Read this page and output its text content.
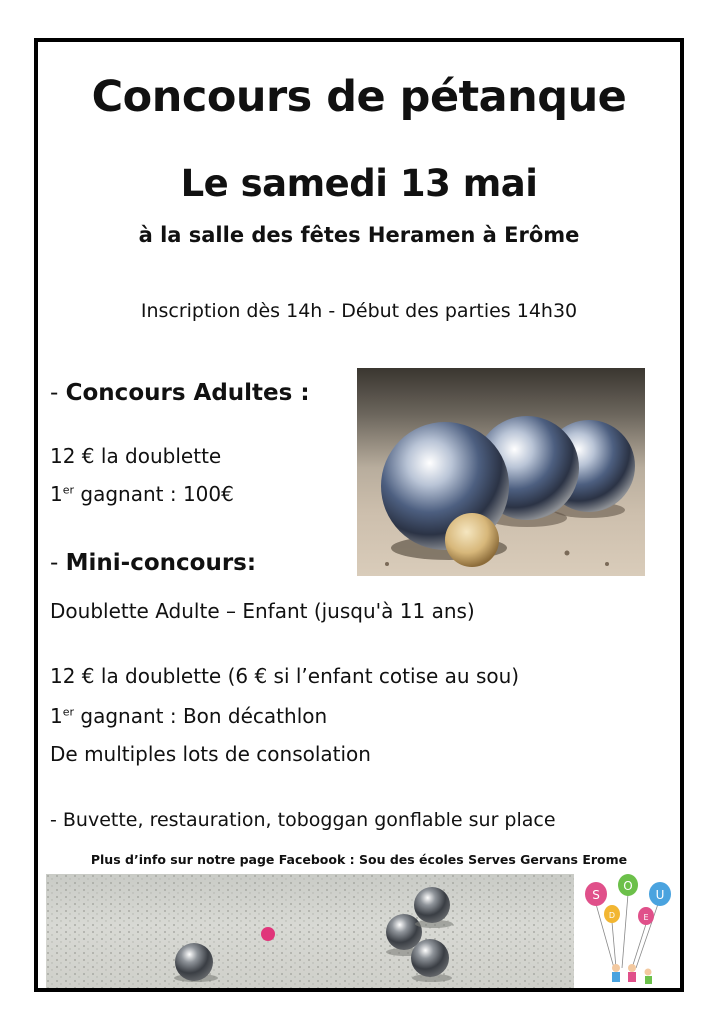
Concours de pétanque
Le samedi 13 mai
à la salle des fêtes Heramen à Erôme
Inscription dès 14h - Début des parties 14h30
- Concours Adultes :
12 € la doublette
1er gagnant : 100€
- Mini-concours:
Doublette Adulte – Enfant (jusqu'à 11 ans)
12 € la doublette (6 € si l’enfant cotise au sou)
1er gagnant : Bon décathlon
De multiples lots de consolation
- Buvette, restauration, toboggan gonflable sur place
Plus d’info sur notre page Facebook : Sou des écoles Serves Gervans Erome
S
O
U
D	E
